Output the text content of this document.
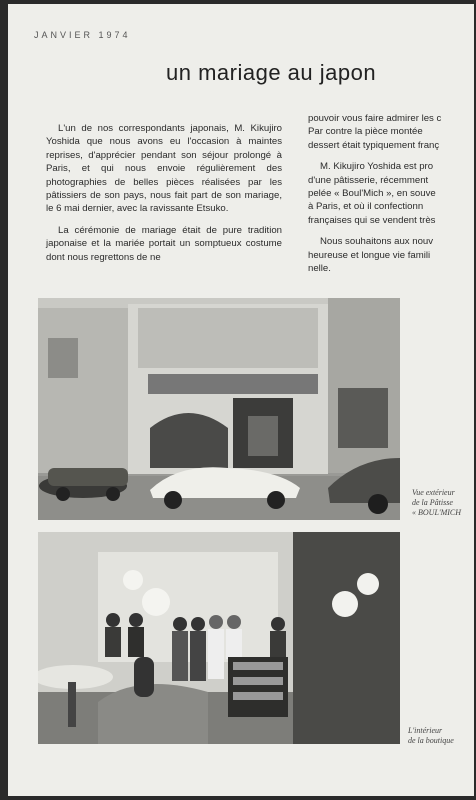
JANVIER 1974
un mariage au japon

L'un de nos correspondants japonais, M. Kikujiro Yoshida que nous avons eu l'occasion à maintes reprises, d'apprécier pendant son séjour prolongé à Paris, et qui nous envoie régulièrement des photographies de belles pièces réalisées par les pâtissiers de son pays, nous fait part de son mariage, le 6 mai dernier, avec la ravissante Etsuko.

La cérémonie de mariage était de pure tradition japonaise et la mariée portait un somptueux costume dont nous regrettons de ne

pouvoir vous faire admirer les c
Par contre la pièce montée
dessert était typiquement franç

M. Kikujiro Yoshida est pro
d'une pâtisserie, récemment
pelée « Boul'Mich », en souve
à Paris, et où il confectionn
françaises qui se vendent très

Nous souhaitons aux nouv
heureuse et longue vie famili
nelle.

Vue extérieur
de la Pâtisse
« BOUL'MICH
L'intérieur
de la boutique
